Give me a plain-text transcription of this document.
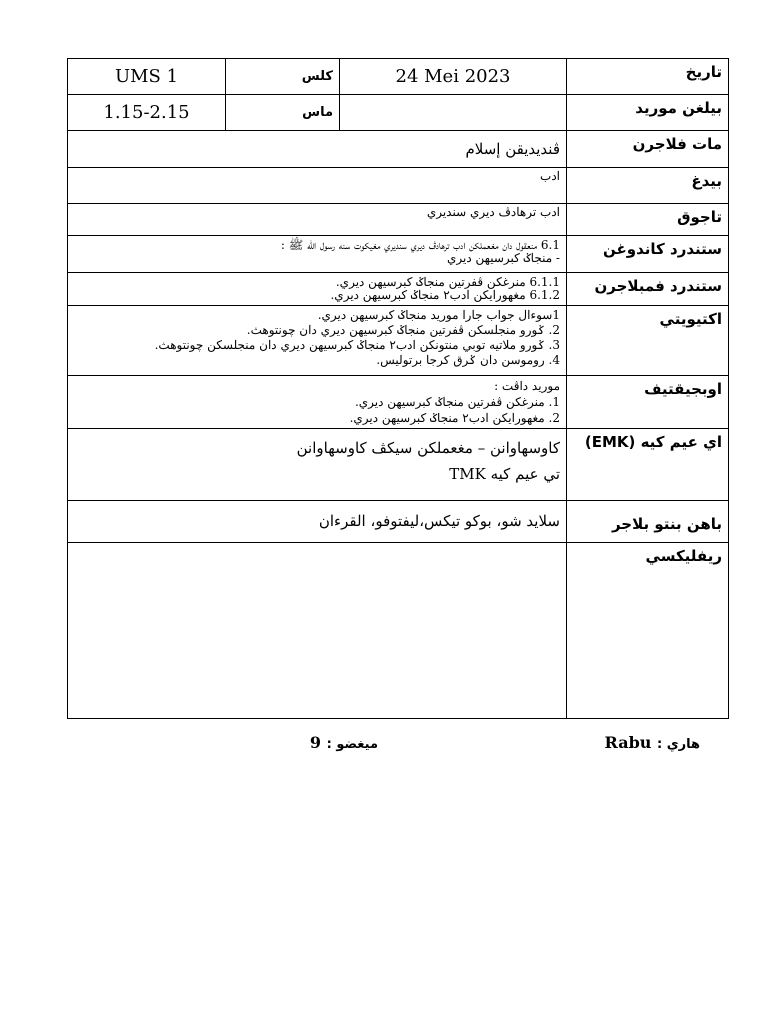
تاريخ	24 Mei 2023	كلس	UMS 1
بيلغن موريد		ماس	1.15-2.15
مات فلاجرن	ڤنديديقن إسلام		
بيدغ	ادب		
تاجوق	ادب ترهادڤ ديري سنديري		
ستندرد كاندوغن	6.1 منعقول دان مغعملكن ادب ترهادڤ ديري سنديري مغيكوت سنه رسول الله ﷺ :
- منجاݢ كبرسيهن ديري		

ستندرد فمبلاجرن	6.1.1 منرغكن ڤفرتين منجاݢ كبرسيهن ديري.
6.1.2 مغهورايكن ادب٢ منجاݢ كبرسيهن ديري.		

اكتيويتي	1سوءال جواب جارا موريد منجاݢ كبرسيهن ديري.
2. ݢورو منجلسكن ڤفرتين منجاݢ كبرسيهن ديري دان چونتوهث.
3. ݢورو ملاتيه توبي منتونكن ادب٢ منجاݢ كبرسيهن ديري دان منجلسكن چونتوهث.
4. روموسن دان ݢرق كرجا برتوليس.		

اوبجيقتيف	موريد داڤت :
1. منرغكن ڤفرتين منجاݢ كبرسيهن ديري.
2. مغهورايكن ادب٢ منجاݢ كبرسيهن ديري.		

اي عيم كيه (EMK)	كاوسهاوانن – مغعملكن سيكڤ كاوسهاوانن
تي عيم كيه TMK		

باهن بنتو بلاجر	سلايد شو، بوكو تيكس،ليفتوفو، القرءان		
ريفليكسي			
هاري : Rabu
ميغضو : 9
